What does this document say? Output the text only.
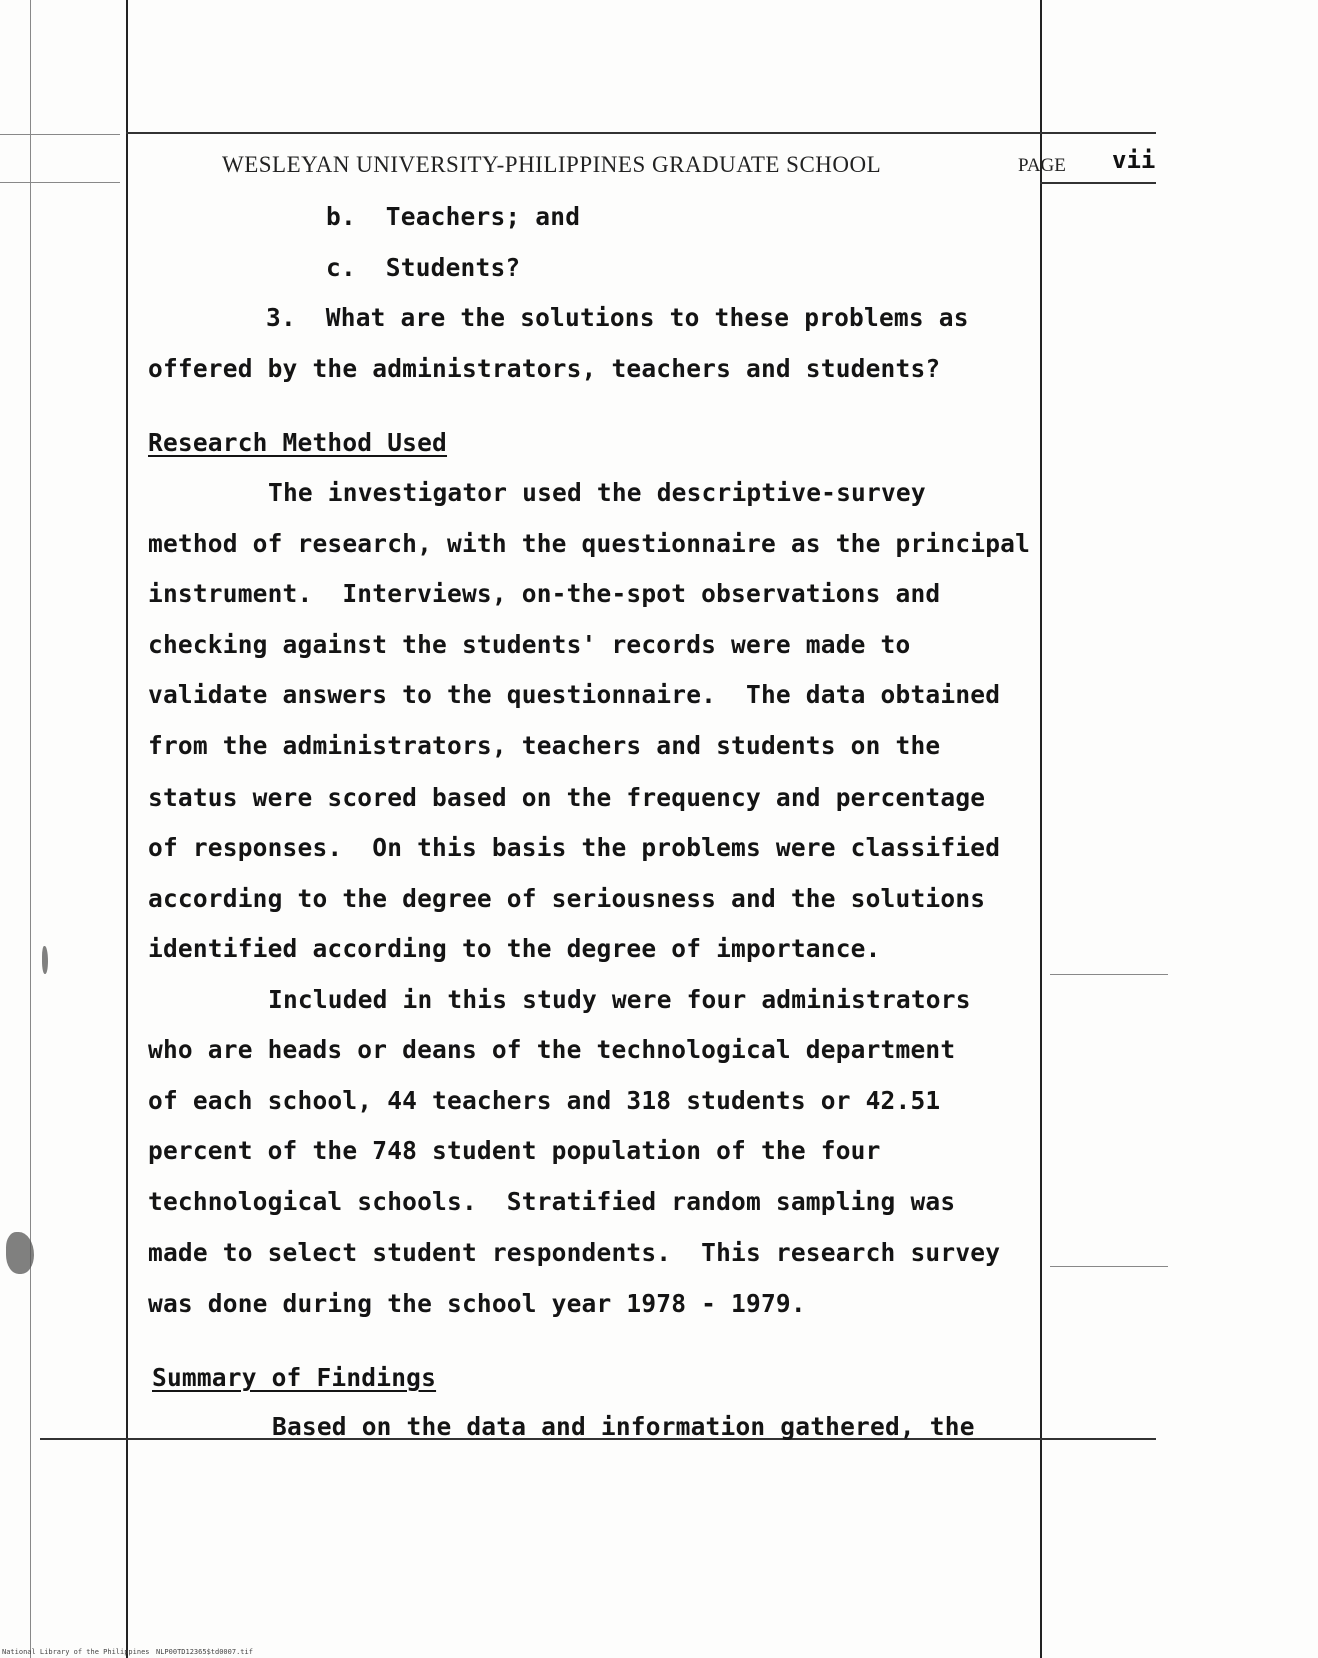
WESLEYAN UNIVERSITY-PHILIPPINES GRADUATE SCHOOL	PAGE vii
b.  Teachers; and
c.  Students?
3.  What are the solutions to these problems as
offered by the administrators, teachers and students?
Research Method Used
The investigator used the descriptive-survey
method of research, with the questionnaire as the principal
instrument.  Interviews, on-the-spot observations and
checking against the students' records were made to
validate answers to the questionnaire.  The data obtained
from the administrators, teachers and students on the
status were scored based on the frequency and percentage
of responses.  On this basis the problems were classified
according to the degree of seriousness and the solutions
identified according to the degree of importance.
Included in this study were four administrators
who are heads or deans of the technological department
of each school, 44 teachers and 318 students or 42.51
percent of the 748 student population of the four
technological schools.  Stratified random sampling was
made to select student respondents.  This research survey
was done during the school year 1978 - 1979.
Summary of Findings
Based on the data and information gathered, the
National Library of the Philippines NLP00TD12365$td0007.tif
